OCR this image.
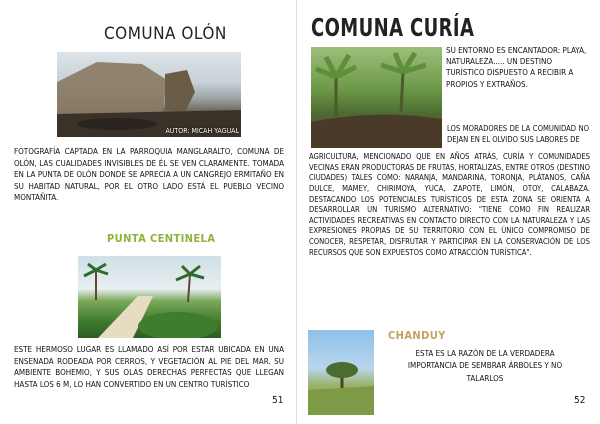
COMUNA OLÓN
AUTOR: MICAH YAGUAL

FOTOGRAFÍA CAPTADA EN LA PARROQUIA MANGLARALTO, COMUNA DE OLÓN, LAS CUALIDADES INVISIBLES DE ÉL SE VEN CLARAMENTE. TOMADA EN LA PUNTA DE OLÓN DONDE SE APRECIA A UN CANGREJO ERMITAÑO EN SU HABITAD NATURAL, POR EL OTRO LADO ESTÁ EL PUEBLO VECINO MONTAÑITA.

PUNTA CENTINELA

ESTE HERMOSO LUGAR ES LLAMADO ASÍ POR ESTAR UBICADA EN UNA ENSENADA RODEADA POR CERROS, Y VEGETACIÓN AL PIE DEL MAR. SU AMBIENTE BOHEMIO, Y SUS OLAS DERECHAS PERFECTAS QUE LLEGAN HASTA LOS 6 M, LO HAN CONVERTIDO EN UN CENTRO TURÍSTICO

51
COMUNA CURÍA

SU ENTORNO ES ENCANTADOR: PLAYA, NATURALEZA..... UN DESTINO TURÍSTICO DISPUESTO A RECIBIR A PROPIOS Y EXTRAÑOS.

LOS MORADORES DE LA COMUNIDAD NO DEJAN EN EL OLVIDO SUS LABORES DE

AGRICULTURA, MENCIONADO QUE EN AÑOS ATRÁS, CURÍA Y COMUNIDADES VECINAS ERAN PRODUCTORAS DE FRUTAS, HORTALIZAS, ENTRE OTROS (DESTINO CIUDADES) TALES COMO: NARANJA, MANDARINA, TORONJA, PLÁTANOS, CAÑA DULCE, MAMEY, CHIRIMOYA, YUCA, ZAPOTE, LIMÓN, OTOY, CALABAZA. DESTACANDO LOS POTENCIALES TURÍSTICOS DE ESTA ZONA SE ORIENTA A DESARROLLAR UN TURISMO ALTERNATIVO: "TIENE COMO FIN REALIZAR ACTIVIDADES RECREATIVAS EN CONTACTO DIRECTO CON LA NATURALEZA Y LAS EXPRESIONES PROPIAS DE SU TERRITORIO CON EL ÚNICO COMPROMISO DE CONOCER, RESPETAR, DISFRUTAR Y PARTICIPAR EN LA CONSERVACIÓN DE LOS RECURSOS QUE SON EXPUESTOS COMO ATRACCIÓN TURÍSTICA".

CHANDUY

ESTA ES LA RAZÓN DE LA VERDADERA IMPORTANCIA DE SEMBRAR ÁRBOLES Y NO TALARLOS

52
